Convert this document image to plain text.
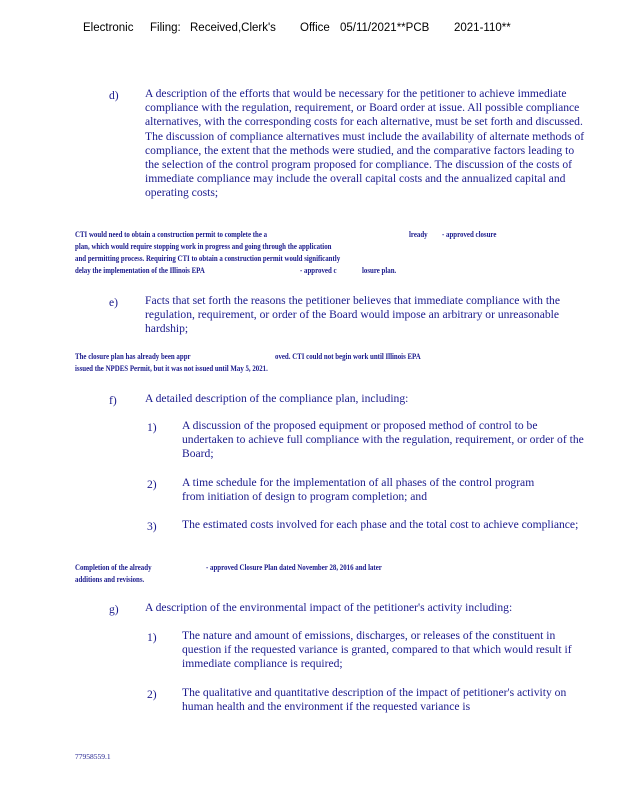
Electronic Filing: Received,Clerk's Office 05/11/2021**PCB 2021-110**
d) A description of the efforts that would be necessary for the petitioner to achieve immediate compliance with the regulation, requirement, or Board order at issue. All possible compliance alternatives, with the corresponding costs for each alternative, must be set forth and discussed. The discussion of compliance alternatives must include the availability of alternate methods of compliance, the extent that the methods were studied, and the comparative factors leading to the selection of the control program proposed for compliance. The discussion of the costs of immediate compliance may include the overall capital costs and the annualized capital and operating costs;
CTI would need to obtain a construction permit to complete the a	lready - approved closure
plan, which would require stopping work in progress and going through the application
and permitting process. Requiring CTI to obtain a construction permit would significantly
delay the implementation of the Illinois EPA	- approved c	losure plan.
e) Facts that set forth the reasons the petitioner believes that immediate compliance with the regulation, requirement, or order of the Board would impose an arbitrary or unreasonable hardship;
The closure plan has already been appr	oved. CTI could not begin work until Illinois EPA
issued the NPDES Permit, but it was not issued until May 5, 2021.
f) A detailed description of the compliance plan, including:
1) A discussion of the proposed equipment or proposed method of control to be undertaken to achieve full compliance with the regulation, requirement, or order of the Board;
2) A time schedule for the implementation of all phases of the control program from initiation of design to program completion; and
3) The estimated costs involved for each phase and the total cost to achieve compliance;
Completion of the already	- approved Closure Plan dated November 28, 2016 and later
additions and revisions.
g) A description of the environmental impact of the petitioner's activity including:
1) The nature and amount of emissions, discharges, or releases of the constituent in question if the requested variance is granted, compared to that which would result if immediate compliance is required;
2) The qualitative and quantitative description of the impact of petitioner's activity on human health and the environment if the requested variance is
77958559.1
